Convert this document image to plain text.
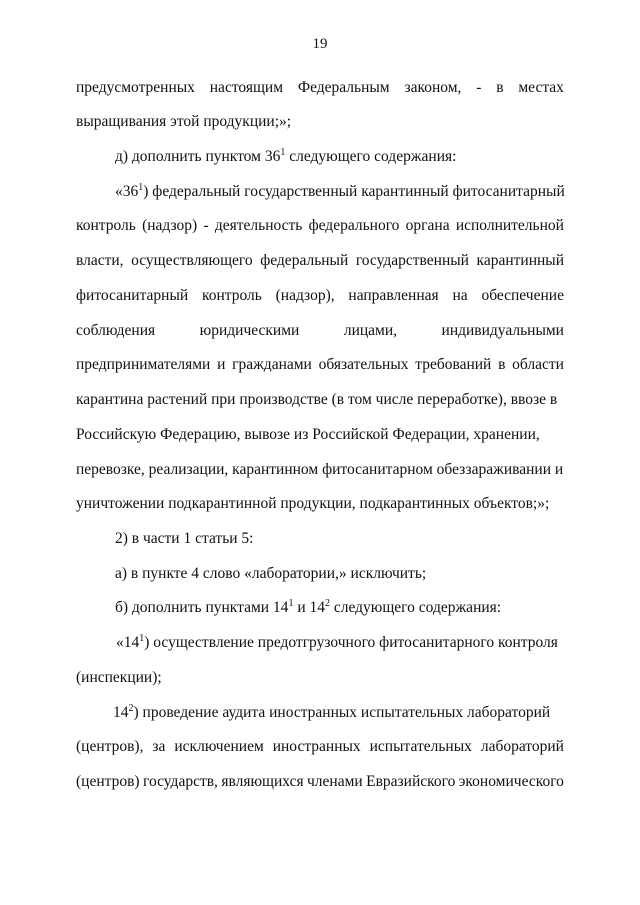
19
предусмотренных настоящим Федеральным законом, - в местах
выращивания этой продукции;»;
д) дополнить пунктом $36^1$ следующего содержания:
«$36^1$) федеральный государственный карантинный фитосанитарный
контроль (надзор) - деятельность федерального органа исполнительной
власти, осуществляющего федеральный государственный карантинный
фитосанитарный контроль (надзор), направленная на обеспечение
соблюдения	юридическими	лицами,	индивидуальными
предпринимателями и гражданами обязательных требований в области
карантина растений при производстве (в том числе переработке), ввозе в
Российскую Федерацию, вывозе из Российской Федерации, хранении,
перевозке, реализации, карантинном фитосанитарном обеззараживании и
уничтожении подкарантинной продукции, подкарантинных объектов;»;
2) в части 1 статьи 5:
а) в пункте 4 слово «лаборатории,» исключить;
б) дополнить пунктами $14^1$ и $14^2$ следующего содержания:
«$14^1$) осуществление предотгрузочного фитосанитарного контроля
(инспекции);
$14^2$) проведение аудита иностранных испытательных лабораторий
(центров), за исключением иностранных испытательных лабораторий
(центров) государств, являющихся членами Евразийского экономического
